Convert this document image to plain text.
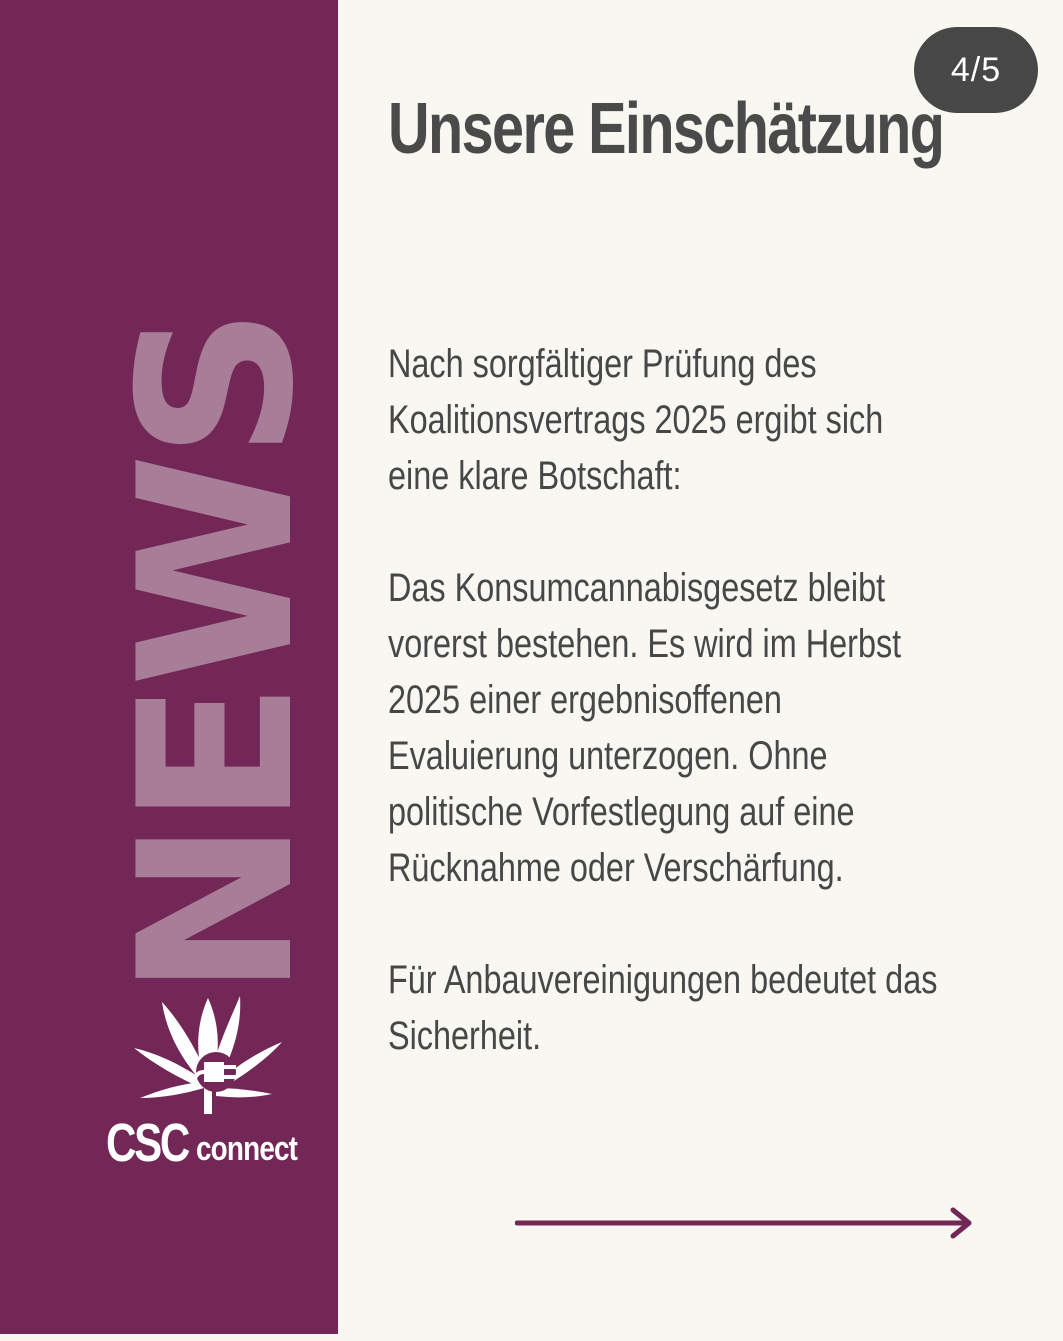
NEWS
CSC connect
4/5
Unsere Einschätzung

Nach sorgfältiger Prüfung des
Koalitionsvertrags 2025 ergibt sich
eine klare Botschaft:

Das Konsumcannabisgesetz bleibt
vorerst bestehen. Es wird im Herbst
2025 einer ergebnisoffenen
Evaluierung unterzogen. Ohne
politische Vorfestlegung auf eine
Rücknahme oder Verschärfung.

Für Anbauvereinigungen bedeutet das
Sicherheit.
